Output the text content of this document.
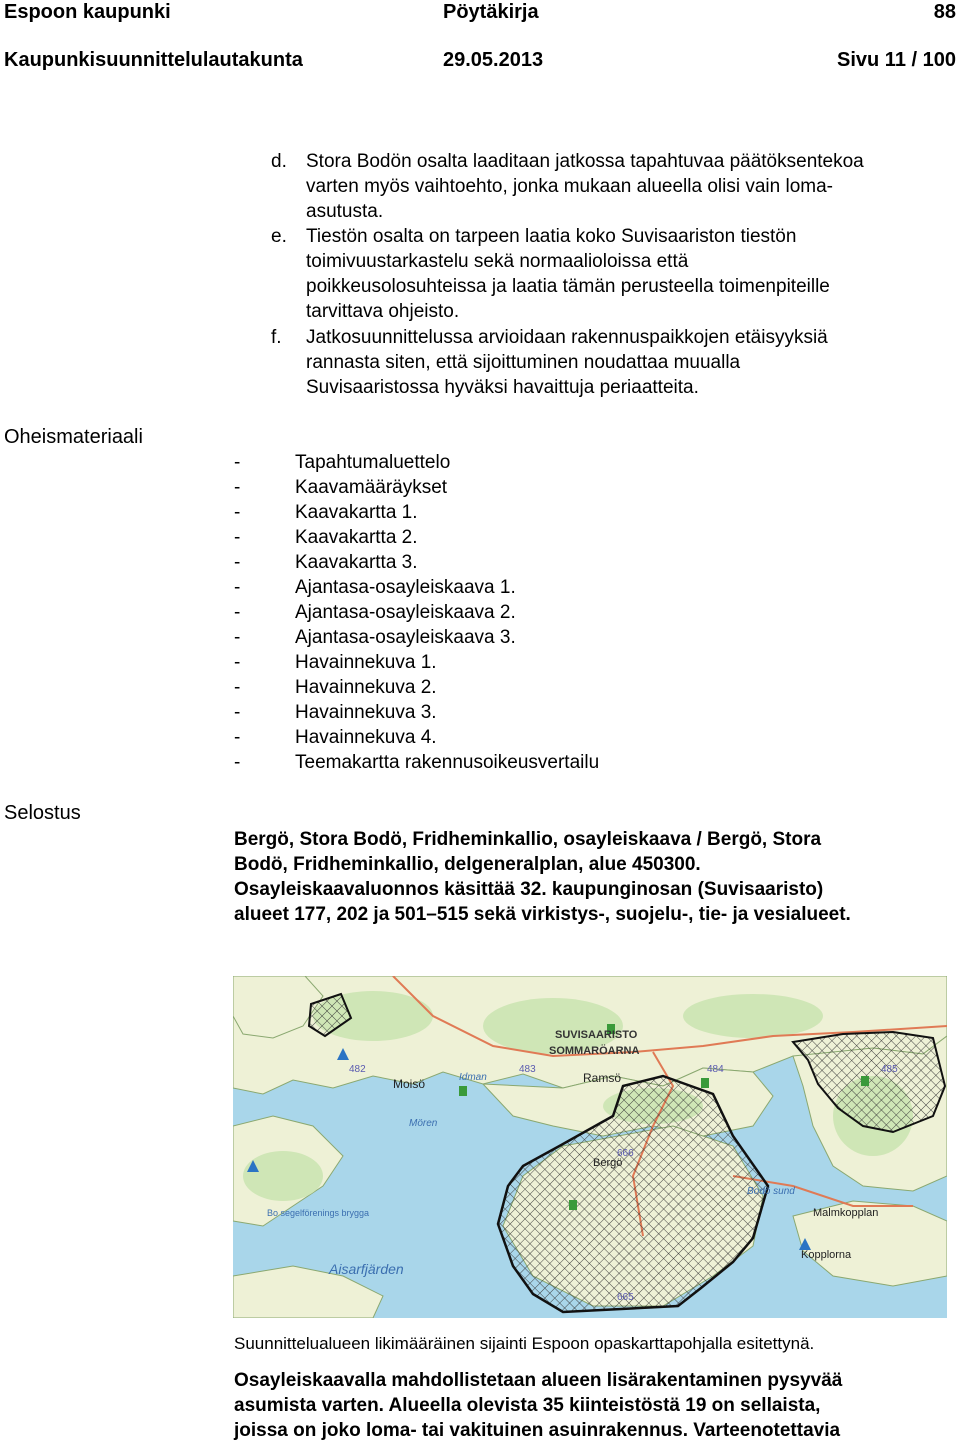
Espoon kaupunki	Pöytäkirja	88
Kaupunkisuunnittelulautakunta	29.05.2013	Sivu 11 / 100
d. Stora Bodön osalta laaditaan jatkossa tapahtuvaa päätöksentekoa
varten myös vaihtoehto, jonka mukaan alueella olisi vain loma-
asutusta.
e. Tiestön osalta on tarpeen laatia koko Suvisaariston tiestön
toimivuustarkastelu sekä normaalioloissa että
poikkeusolosuhteissa ja laatia tämän perusteella toimenpiteille
tarvittava ohjeisto.
f. Jatkosuunnittelussa arvioidaan rakennuspaikkojen etäisyyksiä
rannasta siten, että sijoittuminen noudattaa muualla
Suvisaaristossa hyväksi havaittuja periaatteita.
Oheismateriaali
-	Tapahtumaluettelo
-	Kaavamääräykset
-	Kaavakartta 1.
-	Kaavakartta 2.
-	Kaavakartta 3.
-	Ajantasa-osayleiskaava 1.
-	Ajantasa-osayleiskaava 2.
-	Ajantasa-osayleiskaava 3.
-	Havainnekuva 1.
-	Havainnekuva 2.
-	Havainnekuva 3.
-	Havainnekuva 4.
-	Teemakartta rakennusoikeusvertailu
Selostus
Bergö, Stora Bodö, Fridheminkallio, osayleiskaava / Bergö, Stora
Bodö, Fridheminkallio, delgeneralplan, alue 450300.
Osayleiskaavaluonnos käsittää 32. kaupunginosan (Suvisaaristo)
alueet 177, 202 ja 501–515 sekä virkistys-, suojelu-, tie- ja vesialueet.
SUVISAARISTO
SOMMARÖARNA
Moisö	Ramsö
Bergö
Aisarfjärden
Kopplorna
Malmkopplan
Idman
Mören
Bodö sund
Bo segelförenings brygga
482	483	484	485
666
665
Suunnittelualueen likimääräinen sijainti Espoon opaskarttapohjalla esitettynä.
Osayleiskaavalla mahdollistetaan alueen lisärakentaminen pysyvää
asumista varten. Alueella olevista 35 kiinteistöstä 19 on sellaista,
joissa on joko loma- tai vakituinen asuinrakennus. Varteenotettavia
